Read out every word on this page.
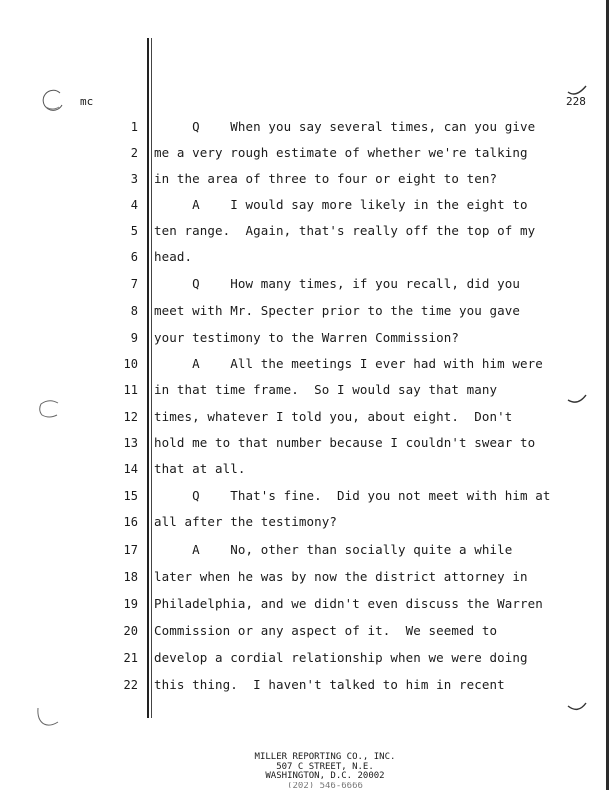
mc	228
1 Q    When you say several times, can you give
2 me a very rough estimate of whether we're talking
3 in the area of three to four or eight to ten?
4 A    I would say more likely in the eight to
5 ten range.  Again, that's really off the top of my
6 head.
7 Q    How many times, if you recall, did you
8 meet with Mr. Specter prior to the time you gave
9 your testimony to the Warren Commission?
10 A    All the meetings I ever had with him were
11 in that time frame.  So I would say that many
12 times, whatever I told you, about eight.  Don't
13 hold me to that number because I couldn't swear to
14 that at all.
15 Q    That's fine.  Did you not meet with him at
16 all after the testimony?
17 A    No, other than socially quite a while
18 later when he was by now the district attorney in
19 Philadelphia, and we didn't even discuss the Warren
20 Commission or any aspect of it.  We seemed to
21 develop a cordial relationship when we were doing
22 this thing.  I haven't talked to him in recent
MILLER REPORTING CO., INC.
507 C STREET, N.E.
WASHINGTON, D.C. 20002
(202) 546-6666
